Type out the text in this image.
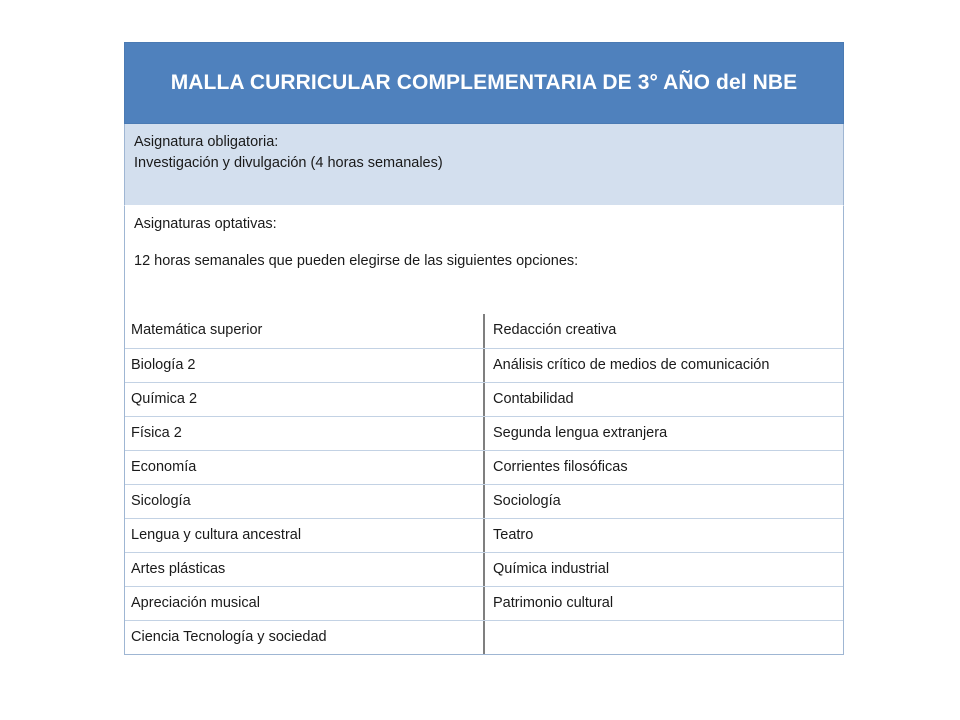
MALLA CURRICULAR COMPLEMENTARIA DE 3° AÑO del NBE
Asignatura obligatoria:
Investigación y divulgación (4 horas semanales)
Asignaturas optativas:
12 horas semanales que pueden elegirse de las siguientes opciones:
Matemática superior	Redacción creativa
Biología 2	Análisis crítico de medios de comunicación
Química 2	Contabilidad
Física 2	Segunda lengua extranjera
Economía	Corrientes filosóficas
Sicología	Sociología
Lengua y cultura ancestral	Teatro
Artes plásticas	Química industrial
Apreciación musical	Patrimonio cultural
Ciencia Tecnología y sociedad
